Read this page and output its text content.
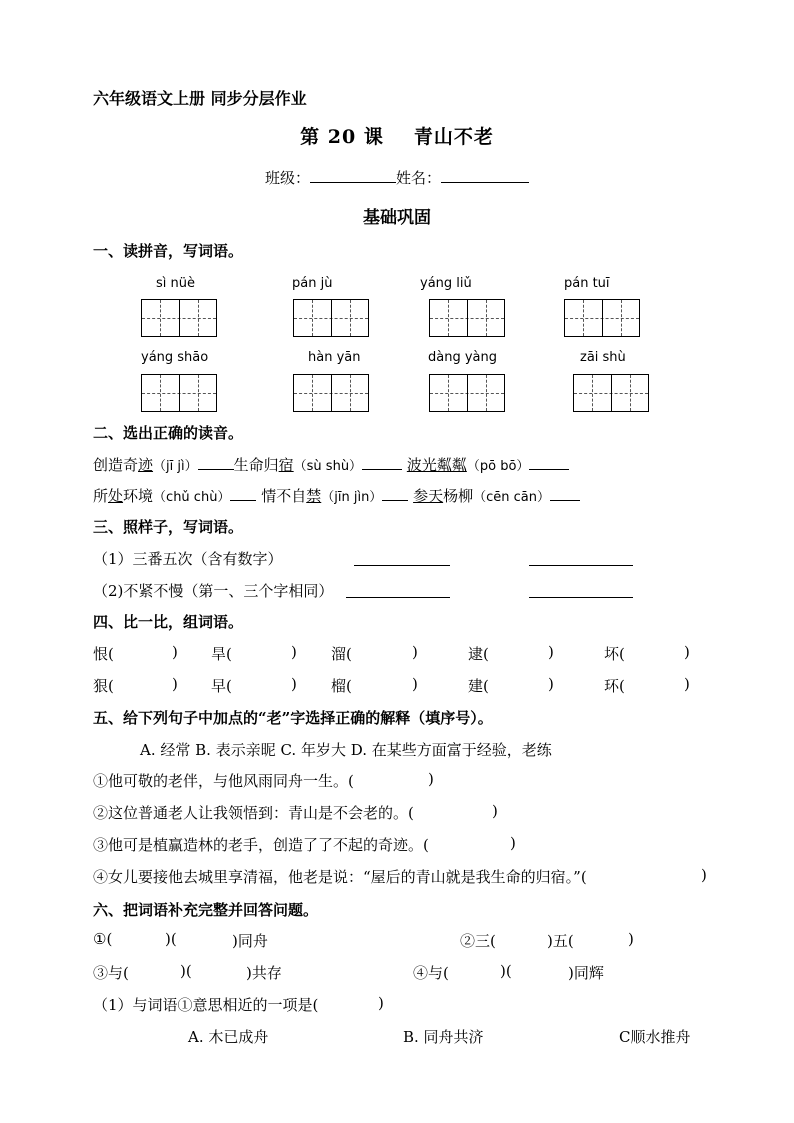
六年级语文上册 同步分层作业
第 20 课 青山不老
班级：	姓名：
基础巩固
一、读拼音，写词语。
sì nüè	pán jù	yáng liǔ	pán tuī
yáng shāo	hàn yān	dàng yàng	zāi shù
二、选出正确的读音。
创造奇迹（jī jì） 生命归宿（sù shù）	波光粼粼（pō bō）
所处环境（chǔ chù） 情不自禁（jīn jìn） 参天杨柳（cēn cān）
三、照样子，写词语。
（1）三番五次（含有数字）
（2)不紧不慢（第一、三个字相同）
四、比一比，组词语。
恨(	) 旱(	) 溜(	)	逮(	)	坏(	)
狠(	) 早(	) 榴(	)	建(	)	环(	)
五、给下列句子中加点的“老”字选择正确的解释（填序号）。
A. 经常 B. 表示亲昵 C. 年岁大 D. 在某些方面富于经验，老练
①他可敬的老伴，与他风雨同舟一生。(	)
②这位普通老人让我领悟到：青山是不会老的。(	)
③他可是植赢造林的老手，创造了了不起的奇迹。(	)
④女儿要接他去城里享清福，他老是说：“屋后的青山就是我生命的归宿。”(	)
六、把词语补充完整并回答问题。
①(	)(	)同舟	②三(	)五(	)
③与(	)(	)共存	④与(	)(	)同辉
（1）与词语①意思相近的一项是(	)
A. 木已成舟	B. 同舟共济	C顺水推舟
